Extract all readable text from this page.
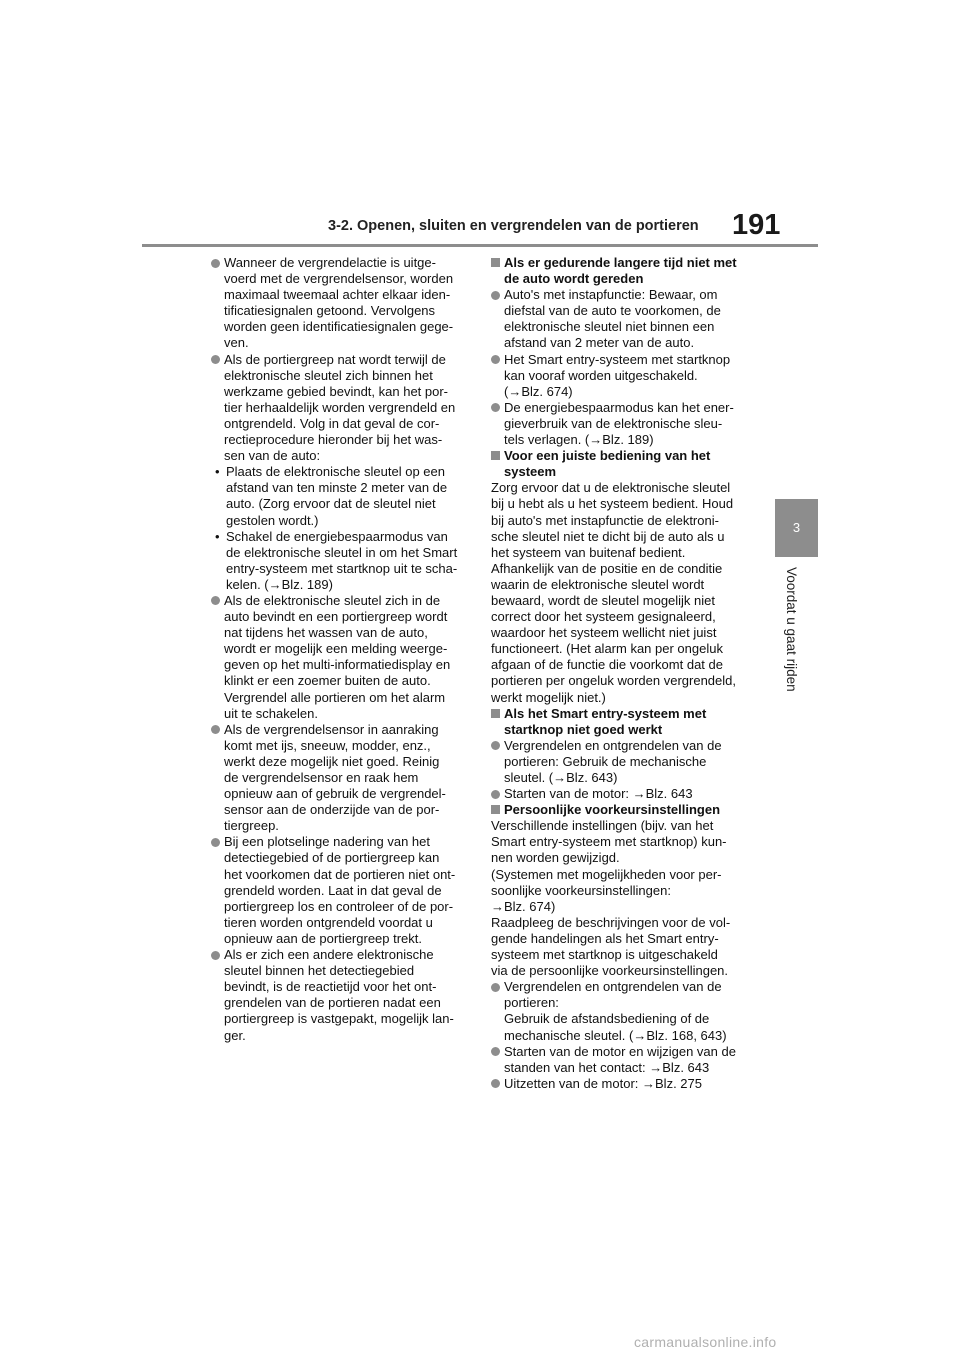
3-2. Openen, sluiten en vergrendelen van de portieren 191
3
Voordat u gaat rijden
Wanneer de vergrendelactie is uitge-
voerd met de vergrendelsensor, worden
maximaal tweemaal achter elkaar iden-
tificatiesignalen getoond. Vervolgens
worden geen identificatiesignalen gege-
ven.
Als de portiergreep nat wordt terwijl de
elektronische sleutel zich binnen het
werkzame gebied bevindt, kan het por-
tier herhaaldelijk worden vergrendeld en
ontgrendeld. Volg in dat geval de cor-
rectieprocedure hieronder bij het was-
sen van de auto:
• Plaats de elektronische sleutel op een
afstand van ten minste 2 meter van de
auto. (Zorg ervoor dat de sleutel niet
gestolen wordt.)
• Schakel de energiebespaarmodus van
de elektronische sleutel in om het Smart
entry-systeem met startknop uit te scha-
kelen. (→Blz. 189)
Als de elektronische sleutel zich in de
auto bevindt en een portiergreep wordt
nat tijdens het wassen van de auto,
wordt er mogelijk een melding weerge-
geven op het multi-informatiedisplay en
klinkt er een zoemer buiten de auto.
Vergrendel alle portieren om het alarm
uit te schakelen.
Als de vergrendelsensor in aanraking
komt met ijs, sneeuw, modder, enz.,
werkt deze mogelijk niet goed. Reinig
de vergrendelsensor en raak hem
opnieuw aan of gebruik de vergrendel-
sensor aan de onderzijde van de por-
tiergreep.
Bij een plotselinge nadering van het
detectiegebied of de portiergreep kan
het voorkomen dat de portieren niet ont-
grendeld worden. Laat in dat geval de
portiergreep los en controleer of de por-
tieren worden ontgrendeld voordat u
opnieuw aan de portiergreep trekt.
Als er zich een andere elektronische
sleutel binnen het detectiegebied
bevindt, is de reactietijd voor het ont-
grendelen van de portieren nadat een
portiergreep is vastgepakt, mogelijk lan-
ger.
Als er gedurende langere tijd niet met
de auto wordt gereden
Auto's met instapfunctie: Bewaar, om
diefstal van de auto te voorkomen, de
elektronische sleutel niet binnen een
afstand van 2 meter van de auto.
Het Smart entry-systeem met startknop
kan vooraf worden uitgeschakeld.
(→Blz. 674)
De energiebespaarmodus kan het ener-
gieverbruik van de elektronische sleu-
tels verlagen. (→Blz. 189)
Voor een juiste bediening van het
systeem
Zorg ervoor dat u de elektronische sleutel
bij u hebt als u het systeem bedient. Houd
bij auto's met instapfunctie de elektroni-
sche sleutel niet te dicht bij de auto als u
het systeem van buitenaf bedient.
Afhankelijk van de positie en de conditie
waarin de elektronische sleutel wordt
bewaard, wordt de sleutel mogelijk niet
correct door het systeem gesignaleerd,
waardoor het systeem wellicht niet juist
functioneert. (Het alarm kan per ongeluk
afgaan of de functie die voorkomt dat de
portieren per ongeluk worden vergrendeld,
werkt mogelijk niet.)
Als het Smart entry-systeem met
startknop niet goed werkt
Vergrendelen en ontgrendelen van de
portieren: Gebruik de mechanische
sleutel. (→Blz. 643)
Starten van de motor: →Blz. 643
Persoonlijke voorkeursinstellingen
Verschillende instellingen (bijv. van het
Smart entry-systeem met startknop) kun-
nen worden gewijzigd.
(Systemen met mogelijkheden voor per-
soonlijke voorkeursinstellingen:
→Blz. 674)
Raadpleeg de beschrijvingen voor de vol-
gende handelingen als het Smart entry-
systeem met startknop is uitgeschakeld
via de persoonlijke voorkeursinstellingen.
Vergrendelen en ontgrendelen van de
portieren:
Gebruik de afstandsbediening of de
mechanische sleutel. (→Blz. 168, 643)
Starten van de motor en wijzigen van de
standen van het contact: →Blz. 643
Uitzetten van de motor: →Blz. 275
carmanualsonline.info
